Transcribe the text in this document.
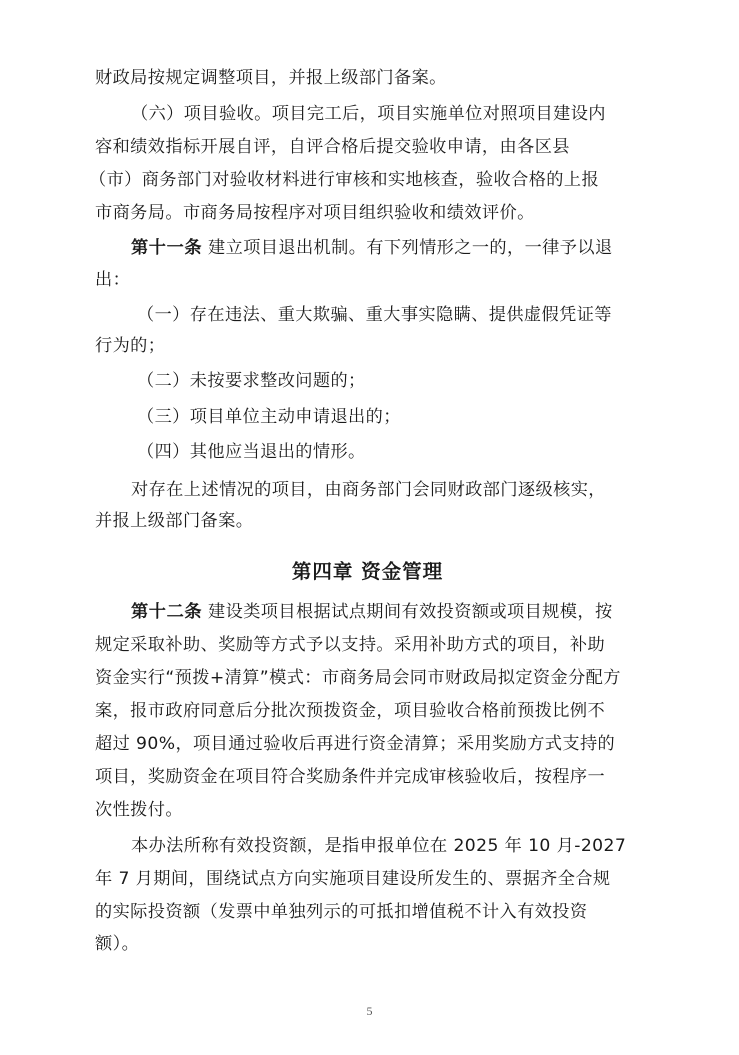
财政局按规定调整项目，并报上级部门备案。
（六）项目验收。项目完工后，项目实施单位对照项目建设内
容和绩效指标开展自评，自评合格后提交验收申请，由各区县
（市）商务部门对验收材料进行审核和实地核查，验收合格的上报
市商务局。市商务局按程序对项目组织验收和绩效评价。
第十一条 建立项目退出机制。有下列情形之一的，一律予以退
出：
（一）存在违法、重大欺骗、重大事实隐瞒、提供虚假凭证等
行为的；
（二）未按要求整改问题的；
（三）项目单位主动申请退出的；
（四）其他应当退出的情形。
对存在上述情况的项目，由商务部门会同财政部门逐级核实，
并报上级部门备案。
第四章 资金管理
第十二条 建设类项目根据试点期间有效投资额或项目规模，按
规定采取补助、奖励等方式予以支持。采用补助方式的项目，补助
资金实行“预拨+清算”模式：市商务局会同市财政局拟定资金分配方
案，报市政府同意后分批次预拨资金，项目验收合格前预拨比例不
超过 90%，项目通过验收后再进行资金清算；采用奖励方式支持的
项目，奖励资金在项目符合奖励条件并完成审核验收后，按程序一
次性拨付。
本办法所称有效投资额，是指申报单位在 2025 年 10 月-2027
年 7 月期间，围绕试点方向实施项目建设所发生的、票据齐全合规
的实际投资额（发票中单独列示的可抵扣增值税不计入有效投资
额）。
5
